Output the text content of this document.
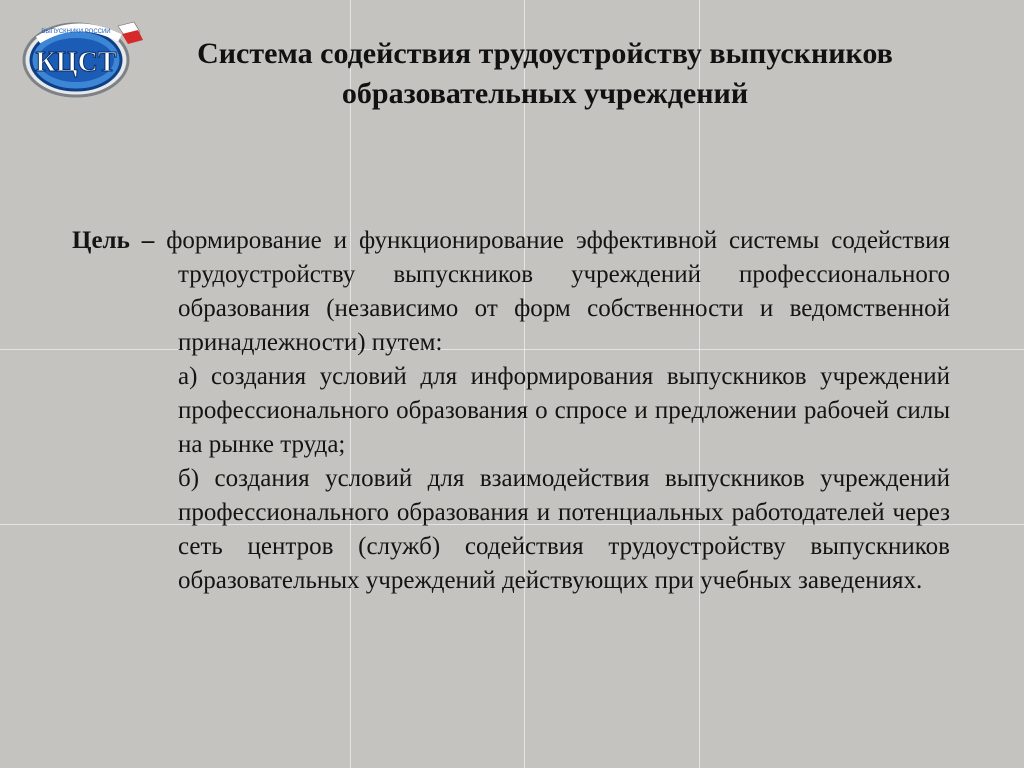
ВЫПУСКНИКИ РОССИИ
КЦСТ	Система содействия трудоустройству выпускников
образовательных учреждений

Цель – формирование и функционирование эффективной системы содействия трудоустройству выпускников учреждений профессионального образования (независимо от форм собственности и ведомственной принадлежности) путем:

а) создания условий для информирования выпускников учреждений профессионального образования о спросе и предложении рабочей силы на рынке труда;

б) создания условий для взаимодействия выпускников учреждений профессионального образования и потенциальных работодателей через сеть центров (служб) содействия трудоустройству выпускников образовательных учреждений действующих при учебных заведениях.
